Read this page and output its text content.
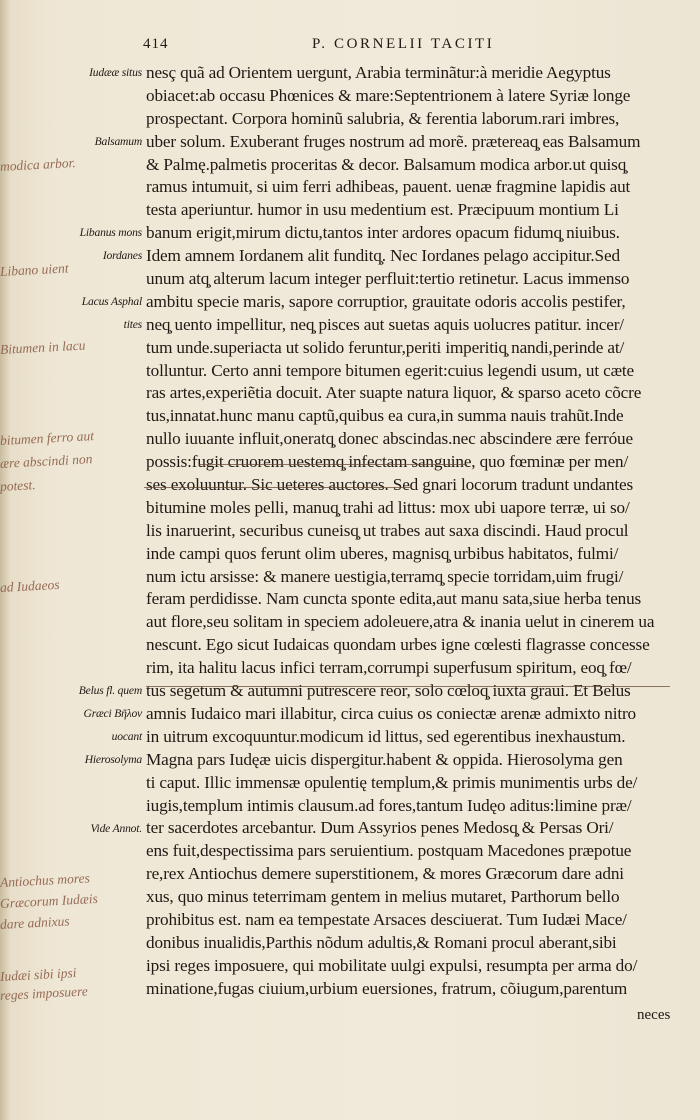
414	P. CORNELII TACITI
Iudææ situs
Balsamum
Libanus mons
Iordanes
Lacus Asphal
tites
Belus fl. quem
Græci Bῆλον
uocant
Hierosolyma
Vide Annot.
modica arbor.
Libano uient
Bitumen in lacu
bitumen ferro aut
ære abscindi non
potest.
ad Iudaeos
Antiochus mores
Græcorum Iudæis
dare adnixus
Iudæi sibi ipsi
reges imposuere
nesç quã ad Orientem uergunt, Arabia terminãtur:à meridie Aegyptus
obiacet:ab occasu Phœnices & mare:Septentrionem à latere Syriæ longe
prospectant. Corpora hominũ salubria, & ferentia laborum.rari imbres,
uber solum. Exuberant fruges nostrum ad morẽ. prætereaq̧ eas Balsamum
& Palmę.palmetis proceritas & decor. Balsamum modica arbor.ut quisq̧
ramus intumuit, si uim ferri adhibeas, pauent. uenæ fragmine lapidis aut
testa aperiuntur. humor in usu medentium est. Præcipuum montium Li
banum erigit,mirum dictu,tantos inter ardores opacum fidumq̧ niuibus.
Idem amnem Iordanem alit funditq̧. Nec Iordanes pelago accipitur.Sed
unum atq̧ alterum lacum integer perfluit:tertio retinetur. Lacus immenso
ambitu specie maris, sapore corruptior, grauitate odoris accolis pestifer,
neq̧ uento impellitur, neq̧ pisces aut suetas aquis uolucres patitur. incer/
tum unde.superiacta ut solido feruntur,periti imperitiq̧ nandi,perinde at/
tolluntur. Certo anni tempore bitumen egerit:cuius legendi usum, ut cæte
ras artes,experiẽtia docuit. Ater suapte natura liquor, & sparso aceto cõcre
tus,innatat.hunc manu captũ,quibus ea cura,in summa nauis trahũt.Inde
nullo iuuante influit,oneratq̧ donec abscindas.nec abscindere ære ferróue
possis:fugit cruorem uestemq̧ infectam sanguine, quo fœminæ per men/
ses exoluuntur. Sic ueteres auctores. Sed gnari locorum tradunt undantes
bitumine moles pelli, manuq̧ trahi ad littus: mox ubi uapore terræ, ui so/
lis inaruerint, securibus cuneisq̧ ut trabes aut saxa discindi. Haud procul
inde campi quos ferunt olim uberes, magnisq̧ urbibus habitatos, fulmi/
num ictu arsisse: & manere uestigia,terramq̧ specie torridam,uim frugi/
feram perdidisse. Nam cuncta sponte edita,aut manu sata,siue herba tenus
aut flore,seu solitam in speciem adoleuere,atra & inania uelut in cinerem ua
nescunt. Ego sicut Iudaicas quondam urbes igne cœlesti flagrasse concesse
rim, ita halitu lacus infici terram,corrumpi superfusum spiritum, eoq̧ fœ/
tus segetum & autumni putrescere reor, solo cœloq̧ iuxta graui. Et Belus
amnis Iudaico mari illabitur, circa cuius os coniectæ arenæ admixto nitro
in uitrum excoquuntur.modicum id littus, sed egerentibus inexhaustum.
Magna pars Iudęæ uicis dispergitur.habent & oppida. Hierosolyma gen
ti caput. Illic immensæ opulentię templum,& primis munimentis urbs de/
iugis,templum intimis clausum.ad fores,tantum Iudęo aditus:limine præ/
ter sacerdotes arcebantur. Dum Assyrios penes Medosq̧ & Persas Ori/
ens fuit,despectissima pars seruientium. postquam Macedones præpotue
re,rex Antiochus demere superstitionem, & mores Græcorum dare adni
xus, quo minus teterrimam gentem in melius mutaret, Parthorum bello
prohibitus est. nam ea tempestate Arsaces desciuerat. Tum Iudæi Mace/
donibus inualidis,Parthis nõdum adultis,& Romani procul aberant,sibi
ipsi reges imposuere, qui mobilitate uulgi expulsi, resumpta per arma do/
minatione,fugas ciuium,urbium euersiones, fratrum, cõiugum,parentum
neces
